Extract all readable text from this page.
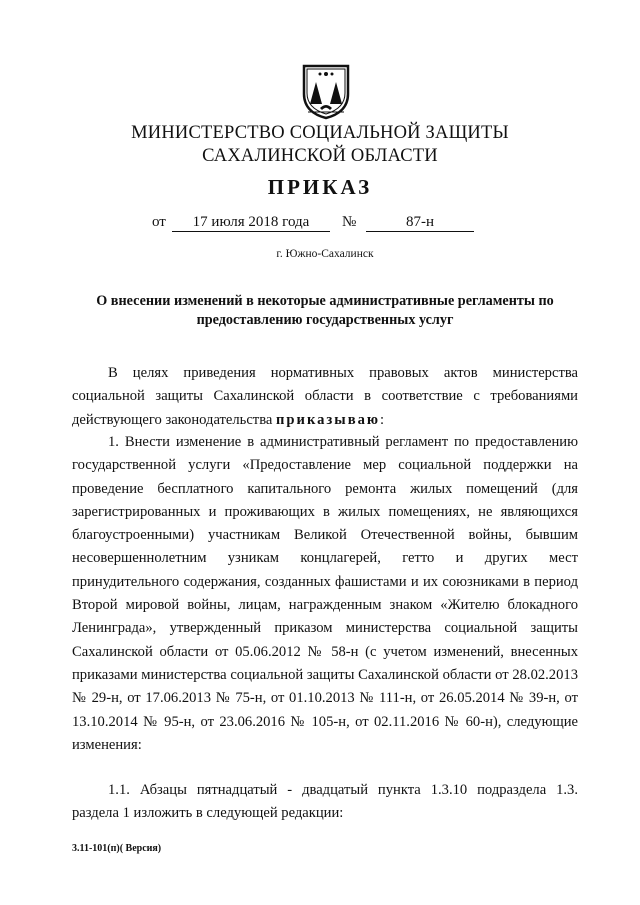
МИНИСТЕРСТВО СОЦИАЛЬНОЙ ЗАЩИТЫ
САХАЛИНСКОЙ ОБЛАСТИ
ПРИКАЗ
от	17 июля 2018 года	№	87-н
г. Южно-Сахалинск
О внесении изменений в некоторые административные регламенты по
предоставлению государственных услуг

В целях приведения нормативных правовых актов министерства социальной защиты Сахалинской области в соответствие с требованиями действующего законодательства приказываю:

1. Внести изменение в административный регламент по предоставлению государственной услуги «Предоставление мер социальной поддержки на проведение бесплатного капитального ремонта жилых помещений (для зарегистрированных и проживающих в жилых помещениях, не являющихся благоустроенными) участникам Великой Отечественной войны, бывшим несовершеннолетним узникам концлагерей, гетто и других мест принудительного содержания, созданных фашистами и их союзниками в период Второй мировой войны, лицам, награжденным знаком «Жителю блокадного Ленинграда», утвержденный приказом министерства социальной защиты Сахалинской области от 05.06.2012 № 58-н (с учетом изменений, внесенных приказами министерства социальной защиты Сахалинской области от 28.02.2013 № 29-н, от 17.06.2013 № 75-н, от 01.10.2013 № 111-н, от 26.05.2014 № 39-н, от 13.10.2014 № 95-н, от 23.06.2016 № 105-н, от 02.11.2016 № 60-н), следующие изменения:

1.1. Абзацы пятнадцатый - двадцатый пункта 1.3.10 подраздела 1.3. раздела 1 изложить в следующей редакции:

3.11-101(п)( Версия)
